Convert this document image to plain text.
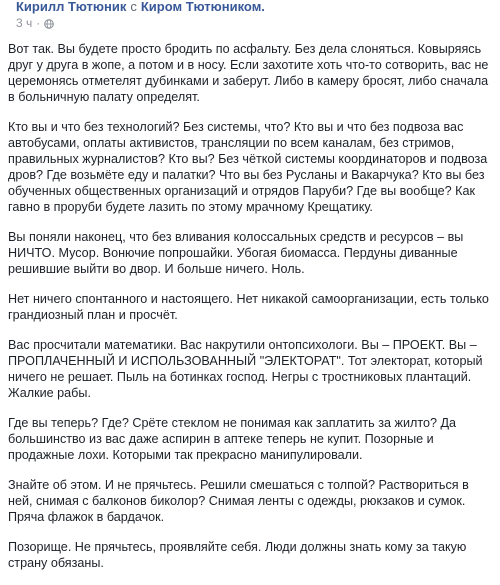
Кирилл Тютюник с Киром Тютюником.
3 ч ·

Вот так. Вы будете просто бродить по асфальту. Без дела слоняться. Ковыряясь друг у друга в жопе, а потом и в носу. Если захотите хоть что-то сотворить, вас не церемонясь отметелят дубинками и заберут. Либо в камеру бросят, либо сначала в больничную палату определят.

Кто вы и что без технологий? Без системы, что? Кто вы и что без подвоза вас автобусами, оплаты активистов, трансляции по всем каналам, без стримов, правильных журналистов? Кто вы? Без чёткой системы координаторов и подвоза дров? Где возьмёте еду и палатки? Что вы без Русланы и Вакарчука? Кто вы без обученных общественных организаций и отрядов Паруби? Где вы вообще? Как гавно в проруби будете лазить по этому мрачному Крещатику.

Вы поняли наконец, что без вливания колоссальных средств и ресурсов – вы НИЧТО. Мусор. Вонючие попрошайки. Убогая биомасса. Пердуны диванные решившие выйти во двор. И больше ничего. Ноль.

Нет ничего спонтанного и настоящего. Нет никакой самоорганизации, есть только грандиозный план и просчёт.

Вас просчитали математики. Вас накрутили онтопсихологи. Вы – ПРОЕКТ. Вы – ПРОПЛАЧЕННЫЙ И ИСПОЛЬЗОВАННЫЙ "ЭЛЕКТОРАТ". Тот электорат, который ничего не решает. Пыль на ботинках господ. Негры с тростниковых плантаций. Жалкие рабы.

Где вы теперь? Где? Срёте стеклом не понимая как заплатить за жилто? Да большинство из вас даже аспирин в аптеке теперь не купит. Позорные и продажные лохи. Которыми так прекрасно манипулировали.

Знайте об этом. И не прячьтесь. Решили смешаться с толпой? Раствориться в ней, снимая с балконов биколор? Снимая ленты с одежды, рюкзаков и сумок. Пряча флажок в бардачок.

Позорище. Не прячьтесь, проявляйте себя. Люди должны знать кому за такую страну обязаны.
